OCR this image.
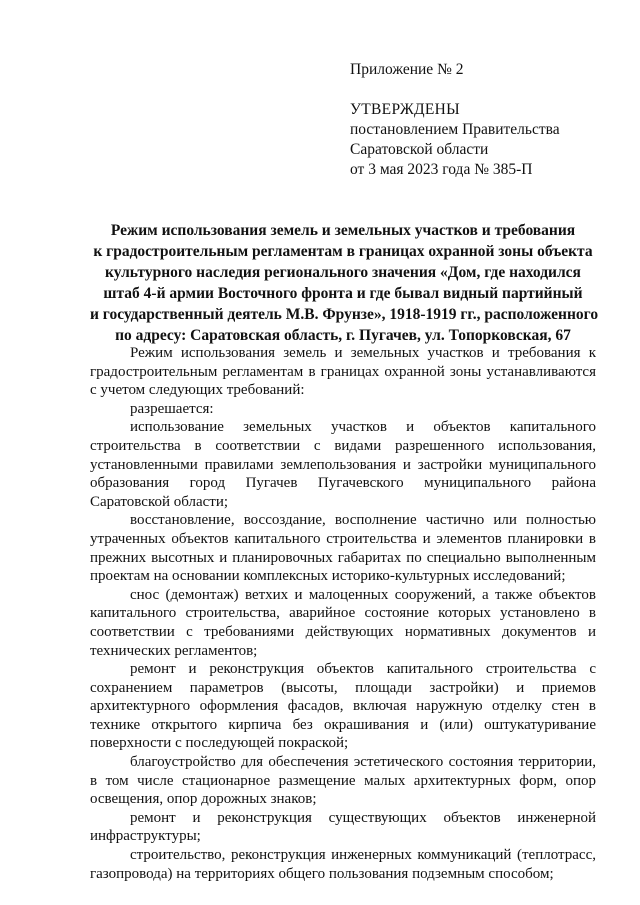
Приложение № 2
УТВЕРЖДЕНЫ
постановлением Правительства
Саратовской области
от 3 мая 2023 года № 385-П
Режим использования земель и земельных участков и требования
к градостроительным регламентам в границах охранной зоны объекта
культурного наследия регионального значения «Дом, где находился
штаб 4-й армии Восточного фронта и где бывал видный партийный
и государственный деятель М.В. Фрунзе», 1918-1919 гг., расположенного
по адресу: Саратовская область, г. Пугачев, ул. Топорковская, 67

Режим использования земель и земельных участков и требования к градостроительным регламентам в границах охранной зоны устанавливаются с учетом следующих требований:

разрешается:

использование земельных участков и объектов капитального строительства в соответствии с видами разрешенного использования, установленными правилами землепользования и застройки муниципального образования город Пугачев Пугачевского муниципального района Саратовской области;

восстановление, воссоздание, восполнение частично или полностью утраченных объектов капитального строительства и элементов планировки в прежних высотных и планировочных габаритах по специально выполненным проектам на основании комплексных историко-культурных исследований;

снос (демонтаж) ветхих и малоценных сооружений, а также объектов капитального строительства, аварийное состояние которых установлено в соответствии с требованиями действующих нормативных документов и технических регламентов;

ремонт и реконструкция объектов капитального строительства с сохранением параметров (высоты, площади застройки) и приемов архитектурного оформления фасадов, включая наружную отделку стен в технике открытого кирпича без окрашивания и (или) оштукатуривание поверхности с последующей покраской;

благоустройство для обеспечения эстетического состояния территории, в том числе стационарное размещение малых архитектурных форм, опор освещения, опор дорожных знаков;

ремонт и реконструкция существующих объектов инженерной инфраструктуры;

строительство, реконструкция инженерных коммуникаций (теплотрасс, газопровода) на территориях общего пользования подземным способом;
